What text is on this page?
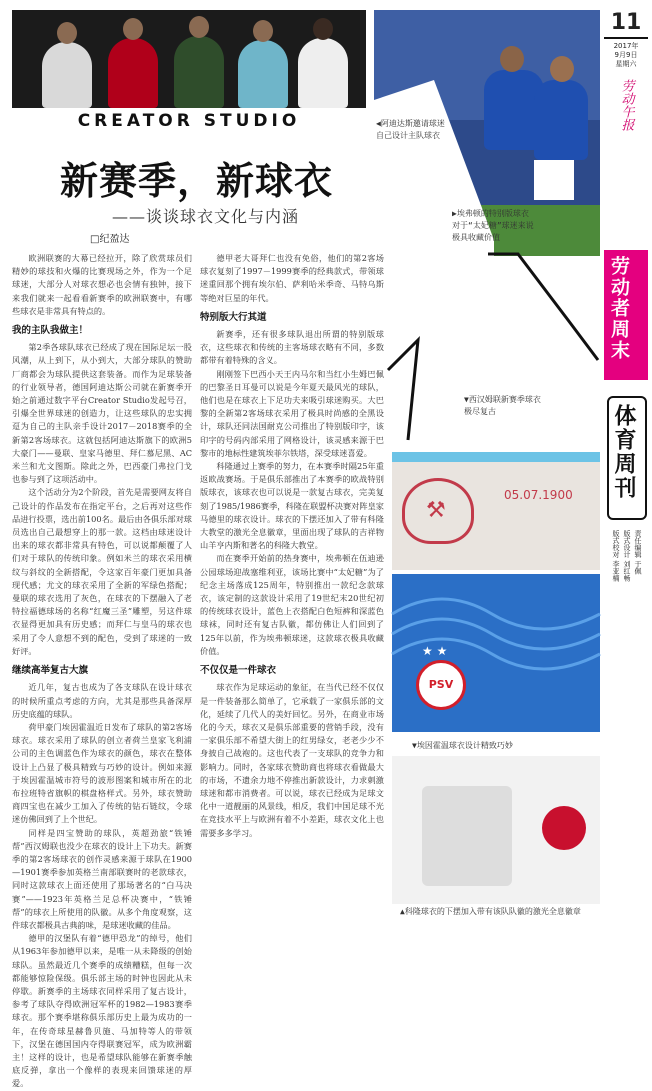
CREATOR STUDIO	◀阿迪达斯邀请球迷自己设计主队球衣
▶埃弗顿的特别版球衣对于“太妃糖”球迷来说极具收藏价值
11
2017年
9月9日
星期六
劳动午报
劳动者周末
体育周刊
责任编辑 于佩
版式设计 刘红畅
版式校对 李亚楠
新赛季，新球衣
——谈谈球衣文化与内涵
□纪盈达

欧洲联赛的大幕已经拉开，除了欣赏球员们精妙的球技和火爆的比赛现场之外，作为一个足球迷，大部分人对球衣想必也会情有独钟，接下来我们就来一起看看新赛季的欧洲联赛中，有哪些球衣是非常具有特点的。

我的主队我做主！

第2季各球队球衣已经成了现在国际足坛一股风潮，从上到下，从小到大，大部分球队的赞助厂商都会为球队提供这套装备。而作为足球装备的行业领导者，德国阿迪达斯公司就在新赛季开始之前通过数字平台Creator Studio发起号召，引爆全世界球迷的创造力，让这些球队的忠实拥趸为自己的主队亲手设计2017－2018赛季的全新第2客场球衣。这就包括阿迪达斯旗下的欧洲5大豪门——曼联、皇家马德里、拜仁慕尼黑、AC米兰和尤文图斯。除此之外，巴西豪门弗拉门戈也参与到了这项活动中。

这个活动分为2个阶段，首先是需要网友将自己设计的作品发布在指定平台，之后再对这些作品进行投票，选出前100名。最后由各俱乐部对球员选出自己最想穿上的那一款。这档由球迷设计出来的球衣都非常具有特色，可以说都颠覆了人们对于球队的传统印象。例如米兰的球衣采用横纹与斜纹的全新搭配，令这家百年豪门更加具备现代感；尤文的球衣采用了全新的军绿色搭配；曼联的球衣选用了灰色，在球衣的下摆融入了老特拉福德球场的名称“红魔三圣”雕塑，另这件球衣显得更加具有历史感；而拜仁与皇马的球衣也采用了令人意想不到的配色，受到了球迷的一致好评。

继续高举复古大旗

近几年，复古也成为了各支球队在设计球衣的时候所重点考虑的方向，尤其是那些具备深厚历史底蕴的球队。

荷甲豪门埃因霍温近日发布了球队的第2客场球衣。球衣采用了球队的创立者荷兰皇家飞利浦公司的主色调蓝色作为球衣的颜色，球衣在整体设计上凸显了极具精致与巧妙的设计。例如来源于埃因霍温城市符号的波形图案和城市所在的北布拉班特省旗帜的棋盘格样式。另外，球衣赞助商四宝也在减少工加入了传统的钻石链纹，令球迷仿佛回到了上个世纪。

同样是四宝赞助的球队，英超劲旅“铁锤帮”西汉姆联也没少在球衣的设计上下功夫。新赛季的第2客场球衣的创作灵感来源于球队在1900—1901赛季参加英格兰南部联赛时的老款球衣，同时这款球衣上面还使用了那场著名的“白马决赛”——1923年英格兰足总杯决赛中，“铁锤帮”的球衣上所使用的队徽。从多个角度观察，这件球衣都极具古典韵味，是球迷收藏的佳品。

德甲的汉堡队有着“德甲恐龙”的绰号，他们从1963年参加德甲以来，是唯一从未降级的创始球队。虽然最近几个赛季的成绩糟糕，但每一次都能够惊险保级。俱乐部主场的时钟也因此从未停歇。新赛季的主场球衣同样采用了复古设计，参考了球队夺得欧洲冠军杯的1982—1983赛季球衣。那个赛季堪称俱乐部历史上最为成功的一年，在传奇球星赫鲁贝施、马加特等人的带领下，汉堡在德国国内夺得联赛冠军，成为欧洲霸主！这样的设计，也是希望球队能够在新赛季触底反弹，拿出一个像样的表现来回馈球迷的厚爱。

德甲老大哥拜仁也没有免俗，他们的第2客场球衣复刻了1997－1999赛季的经典款式，带领球迷重回那个拥有埃尔伯、萨利哈米季奇、马特乌斯等绝对巨星的年代。

特别版大行其道

新赛季，还有很多球队退出所谓的特别版球衣，这些球衣和传统的主客场球衣略有不同，多数都带有着特殊的含义。

刚刚签下巴西小天王内马尔和当红小生姆巴佩的巴黎圣日耳曼可以说是今年夏天最风光的球队，他们也是在球衣上下足功夫来吸引球迷购买。大巴黎的全新第2客场球衣采用了极具时尚感的全黑设计，球队还同法国耐克公司推出了特别版印字，该印字的号码内部采用了网格设计，该灵感来源于巴黎市的地标性建筑埃菲尔铁塔，深受球迷喜爱。

科隆通过上赛季的努力，在本赛季时隔25年重返欧战赛场。于是俱乐部推出了本赛季的欧战特别版球衣，该球衣也可以说是一款复古球衣，完美复刻了1985/1986赛季，科隆在联盟杯决赛对阵皇家马德里的球衣设计。球衣的下摆还加入了带有科隆大教堂的激光全息徽章，里面出现了球队的吉祥物山羊亨内斯和著名的科隆大教堂。

而在赛季开始前的热身赛中，埃弗顿在伍迪逊公园球场迎战塞维利亚，该场比赛中“太妃糖”为了纪念主场落成125周年，特别推出一款纪念款球衣，该定制的这款设计采用了19世纪末20世纪初的传统球衣设计，蓝色上衣搭配白色短裤和深蓝色球袜，同时还有复古队徽，都仿佛让人们回到了125年以前，作为埃弗顿球迷，这款球衣极具收藏价值。

不仅仅是一件球衣

球衣作为足球运动的象征，在当代已经不仅仅是一件装备那么简单了，它承载了一家俱乐部的文化，延续了几代人的美好回忆。另外，在商业市场化的今天，球衣又是俱乐部重要的营销手段，没有一家俱乐部不希望大街上的红男绿女，老老少少不身披自己战袍的。这也代表了一支球队的竞争力和影响力。同时，各家球衣赞助商也将球衣看做最大的市场，不遗余力地不停推出新款设计，力求刺激球迷和都市消费者。可以说，球衣已经成为足球文化中一道靓丽的风景线，相反，我们中国足球不光在竞技水平上与欧洲有着不小差距，球衣文化上也需要多多学习。

⚒
05.07.1900
★ ★
PSV
▼埃因霍温球衣设计精致巧妙
▲科隆球衣的下摆加入带有该队队徽的激光全息徽章
▼西汉姆联新赛季球衣极尽复古
